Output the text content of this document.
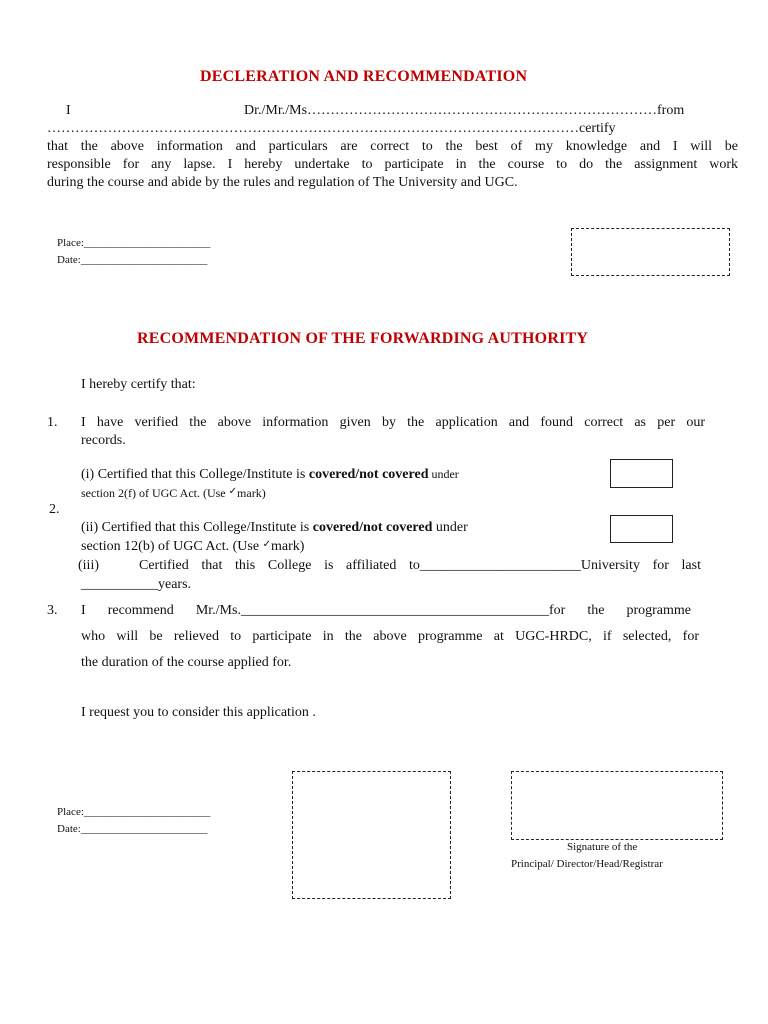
DECLERATION AND RECOMMENDATION
I	Dr./Mr./Ms…………………………………………………………………from
……………………………………………………………………………………………………certify
that the above information and particulars are correct to the best of my knowledge and I will be
responsible for any lapse. I hereby undertake to participate in the course to do the assignment work
during the course and abide by the rules and regulation of The University and UGC.
Place:_______________________
Date:_______________________
RECOMMENDATION OF THE FORWARDING AUTHORITY
I hereby certify that:
1. I have verified the above information given by the application and found correct as per our
records.
(i) Certified that this College/Institute is covered/not covered under
section 2(f) of UGC Act. (Use ✓mark)
2.
(ii) Certified that this College/Institute is covered/not covered under
section 12(b) of UGC Act. (Use ✓mark)
(iii)	Certified that this College is affiliated to_______________________University for last
___________years.
3. I recommend Mr./Ms.____________________________________________for the programme
who will be relieved to participate in the above programme at UGC-HRDC, if selected, for
the duration of the course applied for.
I request you to consider this application .
Place:_______________________
Date:_______________________
Signature of the
Principal/ Director/Head/Registrar
